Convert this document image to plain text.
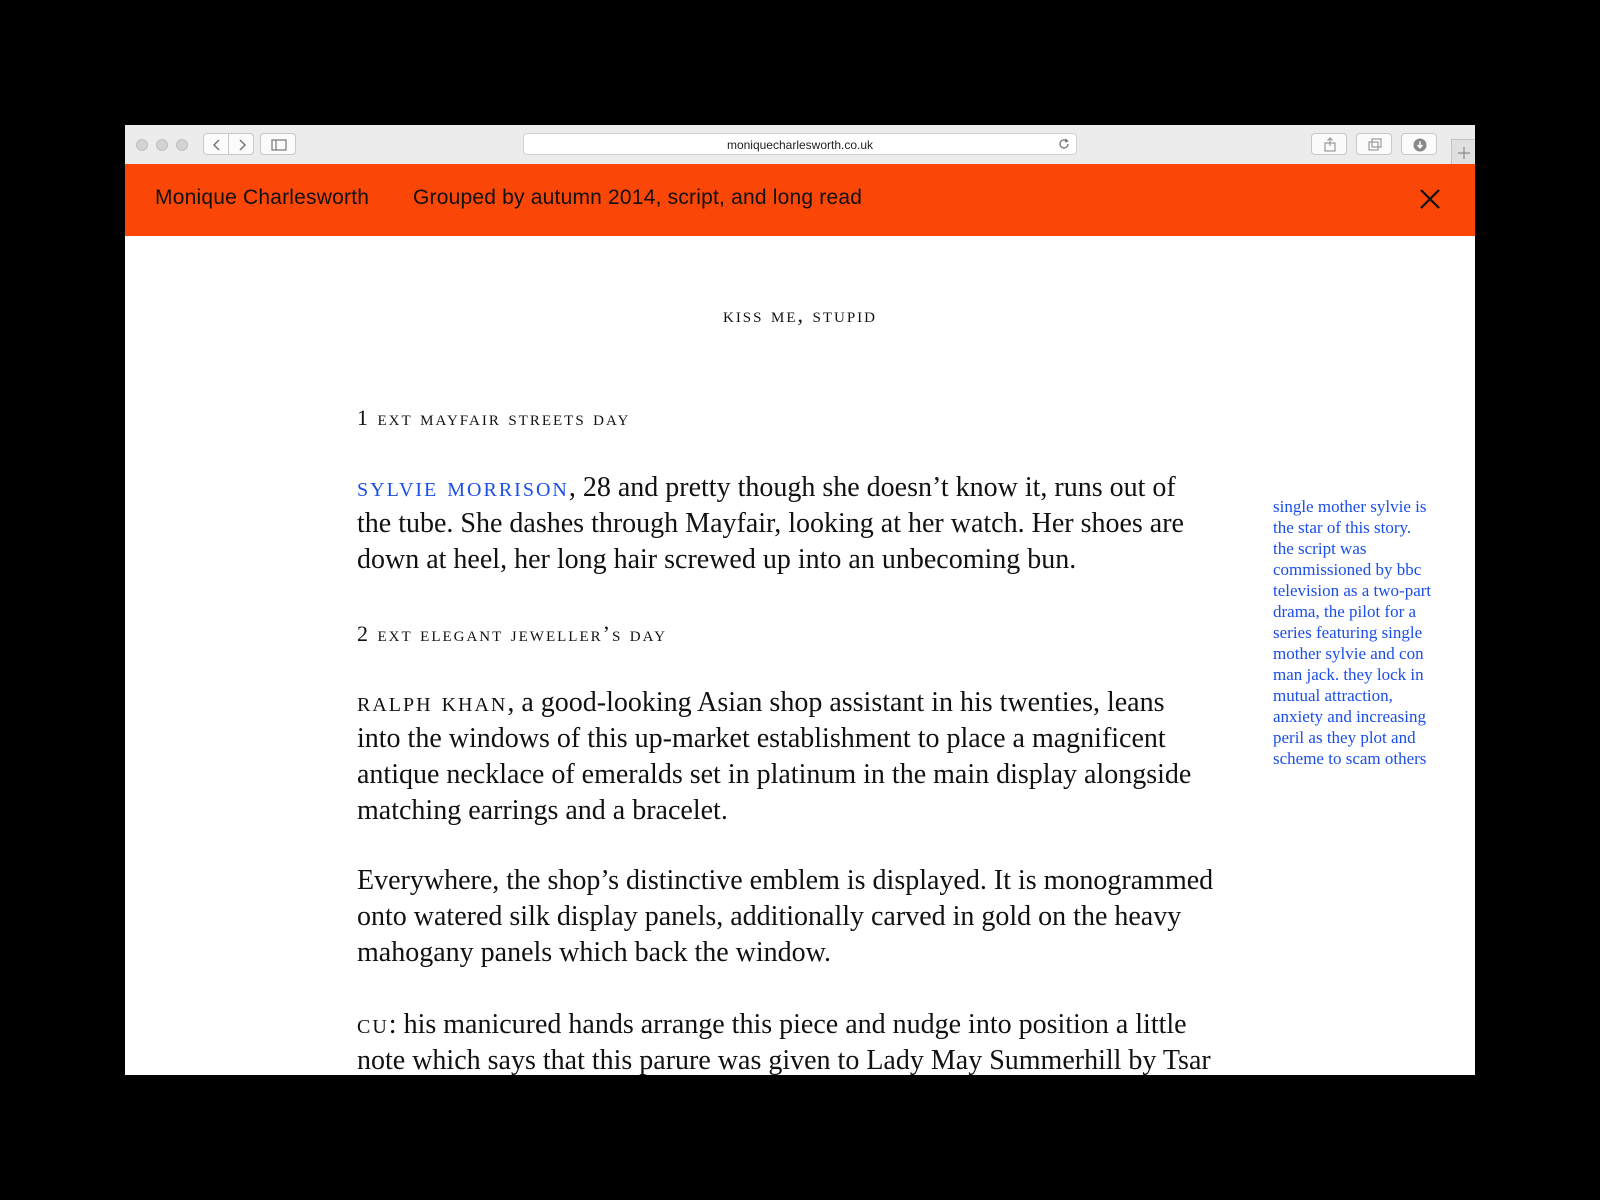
moniquecharlesworth.co.uk
Monique Charlesworth Grouped by autumn 2014, script, and long read
kiss me, stupid
1 ext mayfair streets day
sylvie morrison, 28 and pretty though she doesn’t know it, runs out of
the tube. She dashes through Mayfair, looking at her watch. Her shoes are
down at heel, her long hair screwed up into an unbecoming bun.
2 ext elegant jeweller’s day
ralph khan, a good-looking Asian shop assistant in his twenties, leans
into the windows of this up-market establishment to place a magnificent
antique necklace of emeralds set in platinum in the main display alongside
matching earrings and a bracelet.
Everywhere, the shop’s distinctive emblem is displayed. It is monogrammed
onto watered silk display panels, additionally carved in gold on the heavy
mahogany panels which back the window.
cu: his manicured hands arrange this piece and nudge into position a little
note which says that this parure was given to Lady May Summerhill by Tsar
single mother sylvie is
the star of this story.
the script was
commissioned by bbc
television as a two-part
drama, the pilot for a
series featuring single
mother sylvie and con
man jack. they lock in
mutual attraction,
anxiety and increasing
peril as they plot and
scheme to scam others
